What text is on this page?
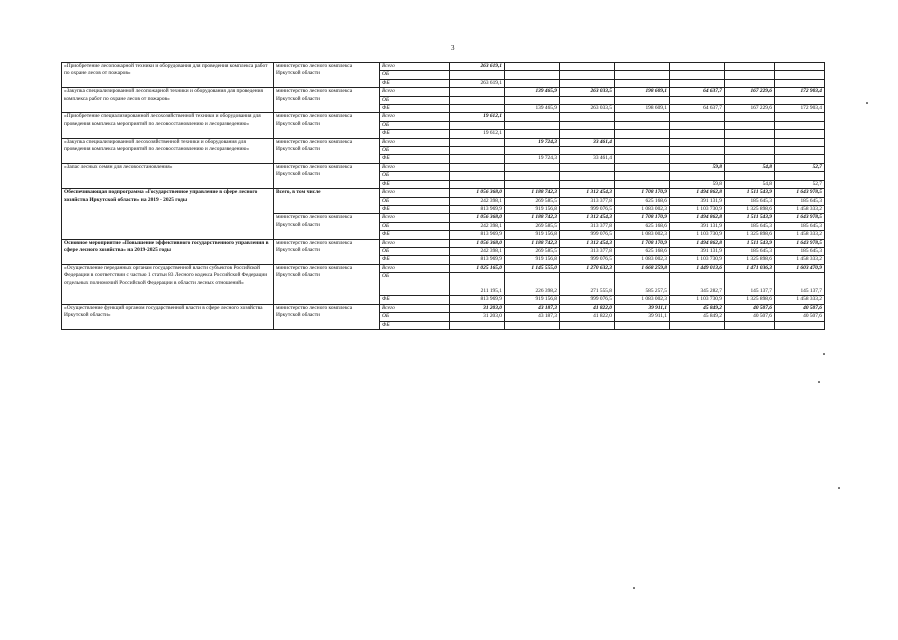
3
«Приобретение лесопожарной техники и оборудования для проведения комплекса работ по охране лесов от пожаров»	министерство лесного комплекса Иркутской области	Всего	263 619,1						
		ОБ							
		ФБ	263 619,1						
«Закупка специализированной лесопожарной техники и оборудования для проведения комплекса работ по охране лесов от пожаров»	министерство лесного комплекса Иркутской области	Всего		139 465,9	263 033,5	198 609,1	64 637,7	167 229,6	172 903,4
		ОБ							
		ФБ		139 465,9	263 033,5	198 609,1	64 637,7	167 229,6	172 903,4
«Приобретение специализированной лесохозяйственной техники и оборудования для проведения комплекса мероприятий по лесовосстановлению и лесоразведению»	министерство лесного комплекса Иркутской области	Всего	19 612,1						
		ОБ							
		ФБ	19 612,1						
«Закупка специализированной лесохозяйственной техники и оборудования для проведения комплекса мероприятий по лесовосстановлению и лесоразведению»	министерство лесного комплекса Иркутской области	Всего		19 724,3	33 461,4				
		ОБ							
		ФБ		19 724,3	33 461,4				
«Запас лесных семян для лесовосстановления»	министерство лесного комплекса Иркутской области	Всего					59,8	54,8	52,7
		ОБ							
		ФБ					59,8	54,8	52,7
Обеспечивающая подпрограмма «Государственное управление в сфере лесного хозяйства Иркутской области» на 2019 - 2025 годы	Всего, в том числе	Всего	1 056 368,0	1 188 742,3	1 312 454,3	1 708 170,9	1 494 862,8	1 511 543,9	1 643 978,5
		ОБ	242 398,1	269 585,5	313 377,8	625 168,6	391 131,9	185 645,3	185 645,3
		ФБ	813 969,9	919 156,8	999 076,5	1 083 002,3	1 103 730,9	1 325 898,6	1 458 333,2
	министерство лесного комплекса Иркутской области	Всего	1 056 368,0	1 188 742,3	1 312 454,3	1 708 170,9	1 494 862,8	1 511 543,9	1 643 978,5
		ОБ	242 398,1	269 585,5	313 377,8	625 168,6	391 131,9	185 645,3	185 645,3
		ФБ	813 969,9	919 156,8	999 076,5	1 083 002,3	1 103 730,9	1 325 898,6	1 458 333,2
Основное мероприятие «Повышение эффективного государственного управления в сфере лесного хозяйства» на 2019-2025 годы	министерство лесного комплекса Иркутской области	Всего	1 056 368,0	1 188 742,3	1 312 454,3	1 708 170,9	1 494 862,8	1 511 543,9	1 643 978,5
		ОБ	242 398,1	269 585,5	313 377,8	625 168,6	391 131,9	185 645,3	185 645,3
		ФБ	813 969,9	919 156,8	999 076,5	1 083 002,3	1 103 730,9	1 325 898,6	1 458 333,2
«Осуществление переданных органам государственной власти субъектов Российской Федерации в соответствии с частью 1 статьи 83 Лесного кодекса Российской Федерации отдельных полномочий Российской Федерации в области лесных отношений»	министерство лесного комплекса Иркутской области	Всего	1 025 165,0	1 145 555,0	1 270 632,3	1 668 259,8	1 449 013,6	1 471 036,3	1 603 470,9
		ОБ	211 195,1	226 398,2	271 555,8	585 257,5	345 282,7	145 137,7	145 137,7
		ФБ	813 969,9	919 156,8	999 076,5	1 083 002,3	1 103 730,9	1 325 898,6	1 458 333,2
«Осуществление функций органом государственной власти в сфере лесного хозяйства Иркутской области»	министерство лесного комплекса Иркутской области	Всего	31 203,0	43 187,3	41 822,0	39 911,1	45 849,2	40 507,6	40 507,6
		ОБ	31 203,0	43 187,3	41 822,0	39 911,1	45 849,2	40 507,6	40 507,6
		ФБ							
